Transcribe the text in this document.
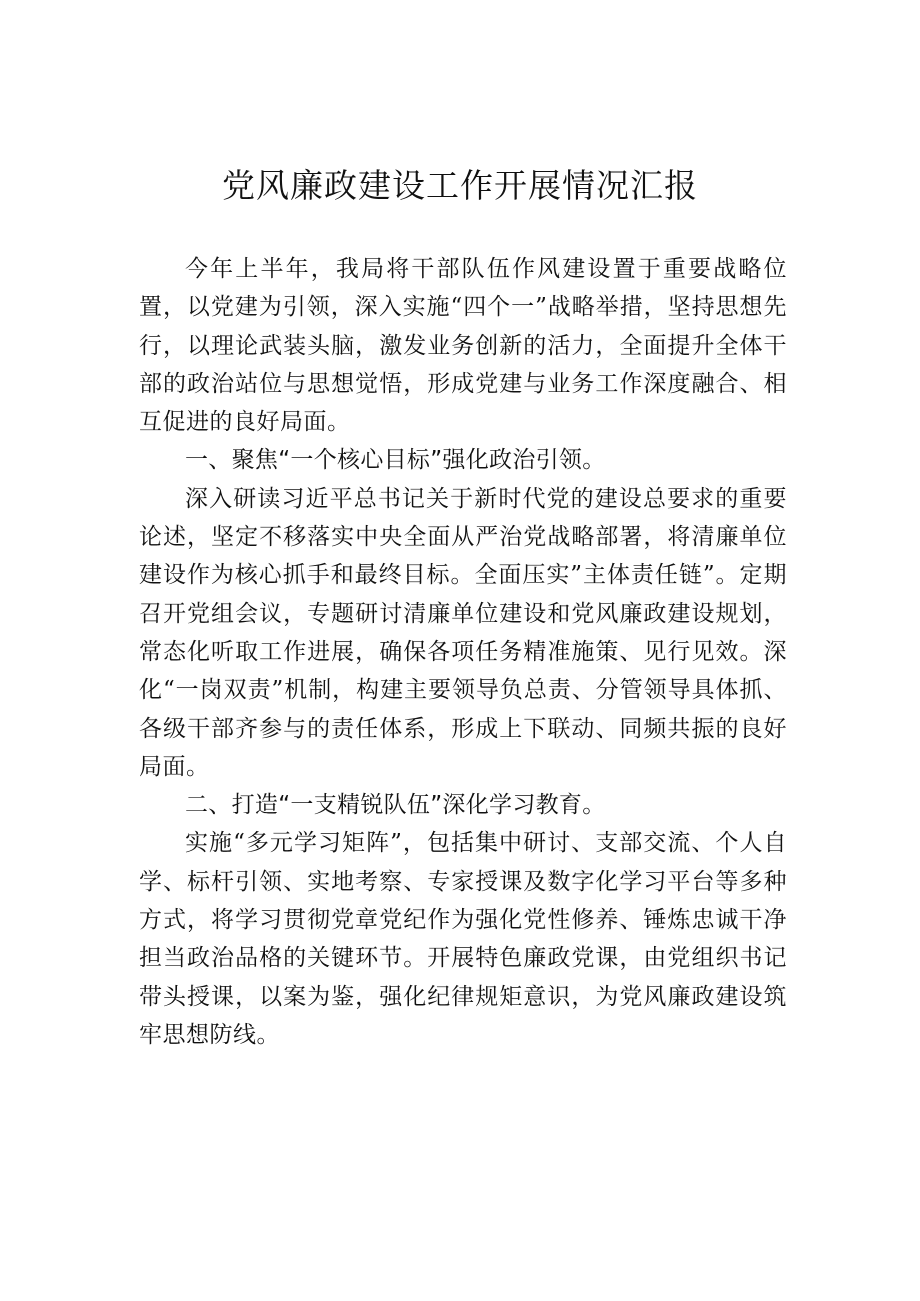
党风廉政建设工作开展情况汇报

今年上半年，我局将干部队伍作风建设置于重要战略位置，以党建为引领，深入实施“四个一”战略举措，坚持思想先行，以理论武装头脑，激发业务创新的活力，全面提升全体干部的政治站位与思想觉悟，形成党建与业务工作深度融合、相互促进的良好局面。

一、聚焦“一个核心目标”强化政治引领。

深入研读习近平总书记关于新时代党的建设总要求的重要论述，坚定不移落实中央全面从严治党战略部署，将清廉单位建设作为核心抓手和最终目标。全面压实”主体责任链”。定期召开党组会议，专题研讨清廉单位建设和党风廉政建设规划，常态化听取工作进展，确保各项任务精准施策、见行见效。深化“一岗双责”机制，构建主要领导负总责、分管领导具体抓、各级干部齐参与的责任体系，形成上下联动、同频共振的良好局面。

二、打造“一支精锐队伍”深化学习教育。

实施“多元学习矩阵”，包括集中研讨、支部交流、个人自学、标杆引领、实地考察、专家授课及数字化学习平台等多种方式，将学习贯彻党章党纪作为强化党性修养、锤炼忠诚干净担当政治品格的关键环节。开展特色廉政党课，由党组织书记带头授课，以案为鉴，强化纪律规矩意识，为党风廉政建设筑牢思想防线。
